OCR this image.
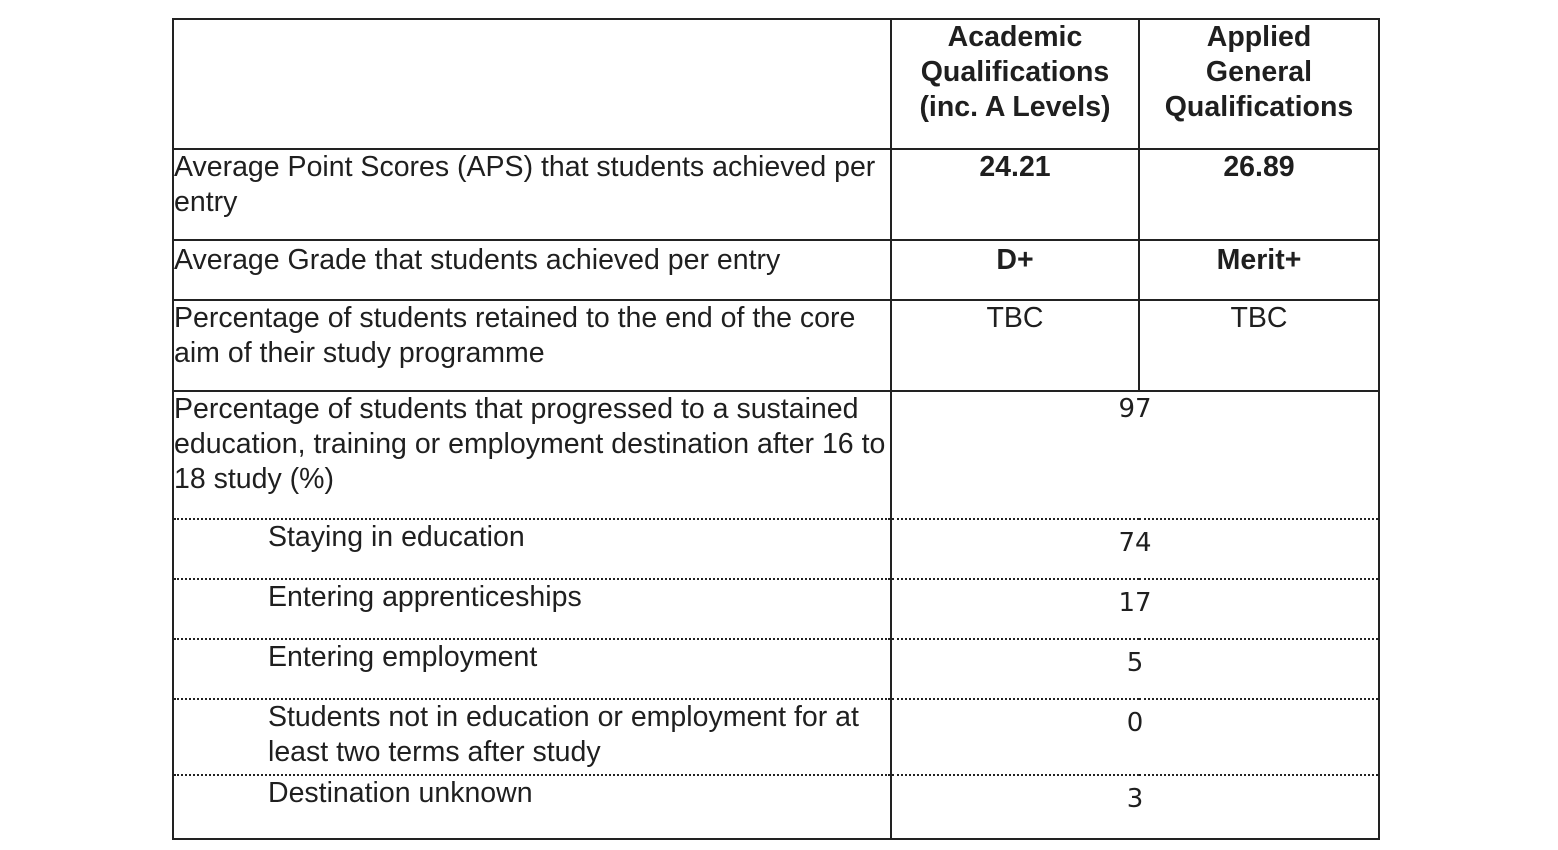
	Academic
Qualifications
(inc. A Levels)	Applied
General
Qualifications

Average Point Scores (APS) that students achieved per entry	24.21	26.89
Average Grade that students achieved per entry	D+	Merit+
Percentage of students retained to the end of the core aim of their study programme	TBC	TBC
Percentage of students that progressed to a sustained education, training or employment destination after 16 to 18 study (%)	97	
Staying in education	74	
Entering apprenticeships	17	
Entering employment	5	
Students not in education or employment for at least two terms after study	0	
Destination unknown	3	
